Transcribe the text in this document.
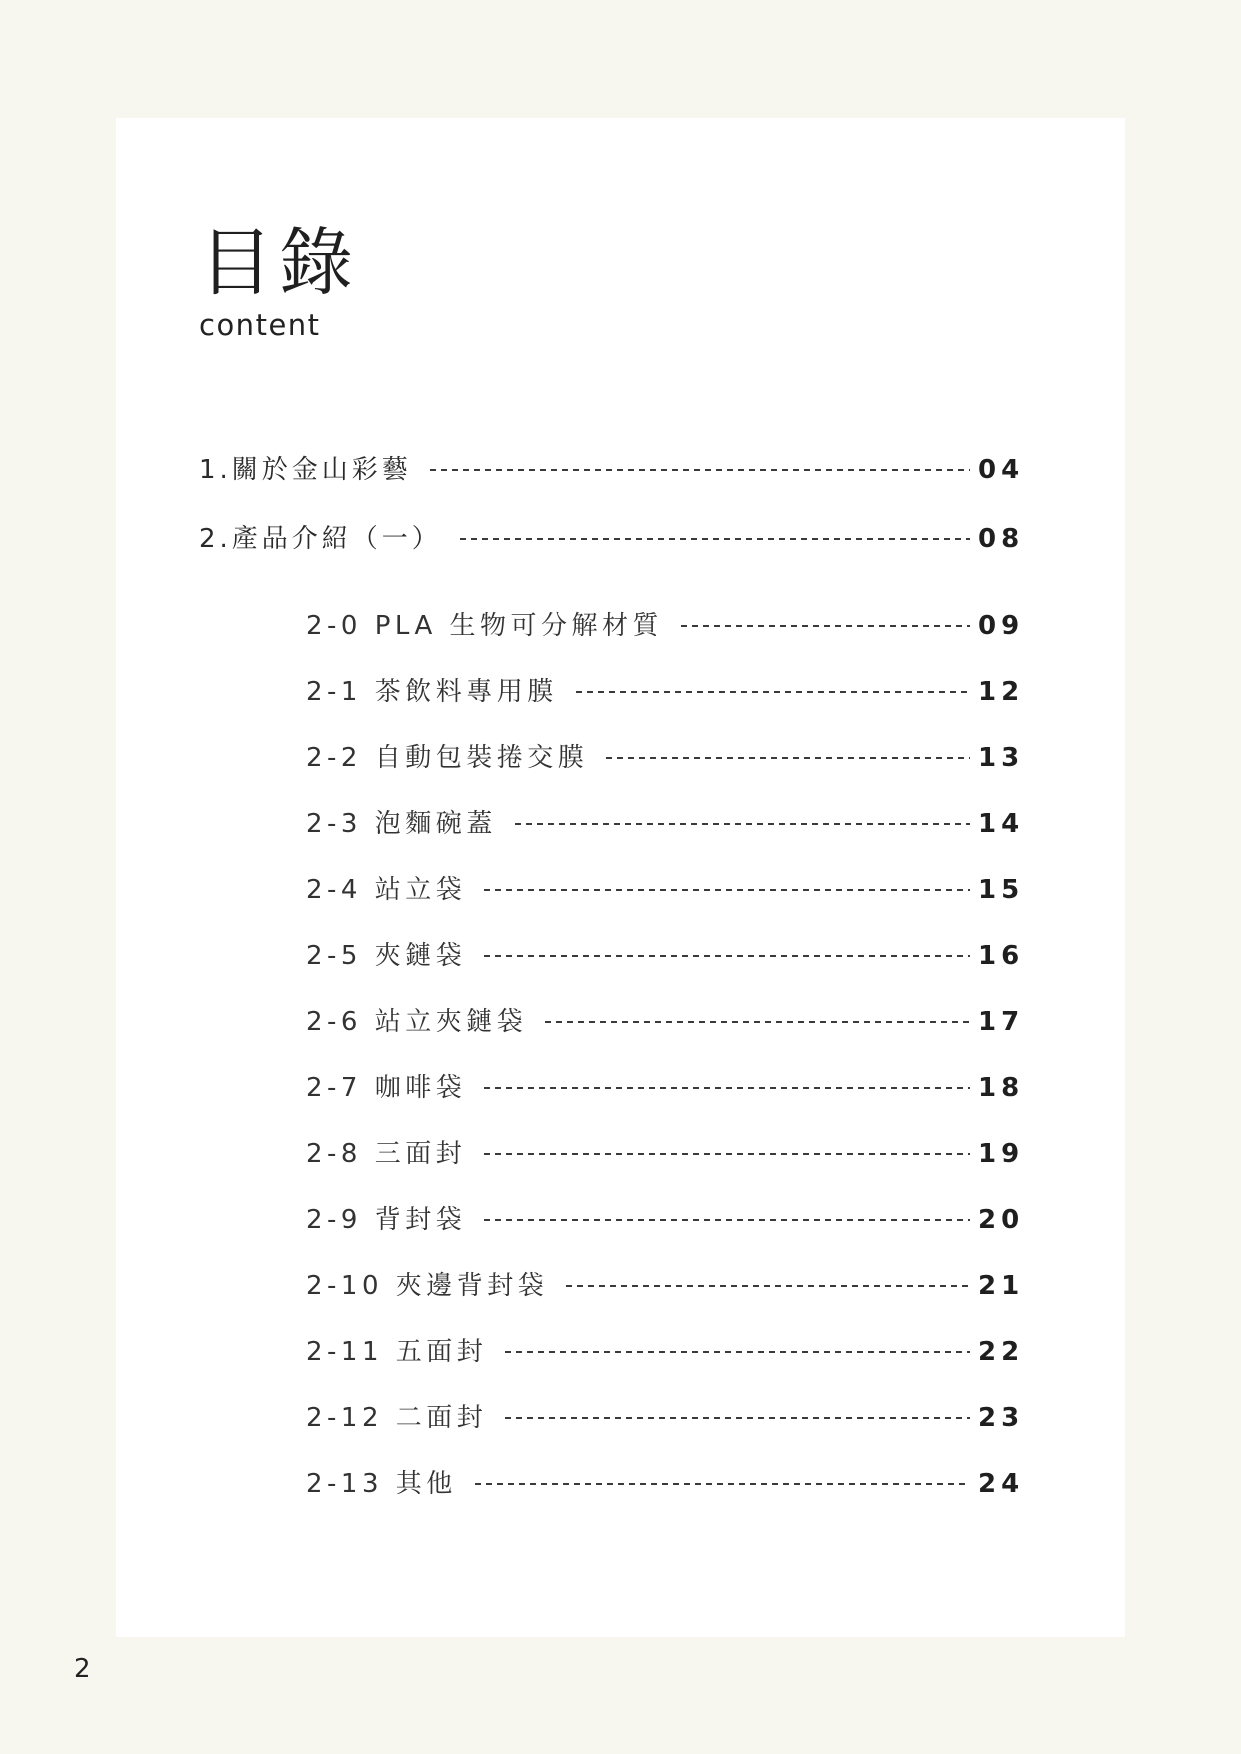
目錄
content
1.關於金山彩藝	04
2.產品介紹（一）	08
2-0 PLA 生物可分解材質	09
2-1 茶飲料專用膜	12
2-2 自動包裝捲交膜	13
2-3 泡麵碗蓋	14
2-4 站立袋	15
2-5 夾鏈袋	16
2-6 站立夾鏈袋	17
2-7 咖啡袋	18
2-8 三面封	19
2-9 背封袋	20
2-10 夾邊背封袋	21
2-11 五面封	22
2-12 二面封	23
2-13 其他	24
2
